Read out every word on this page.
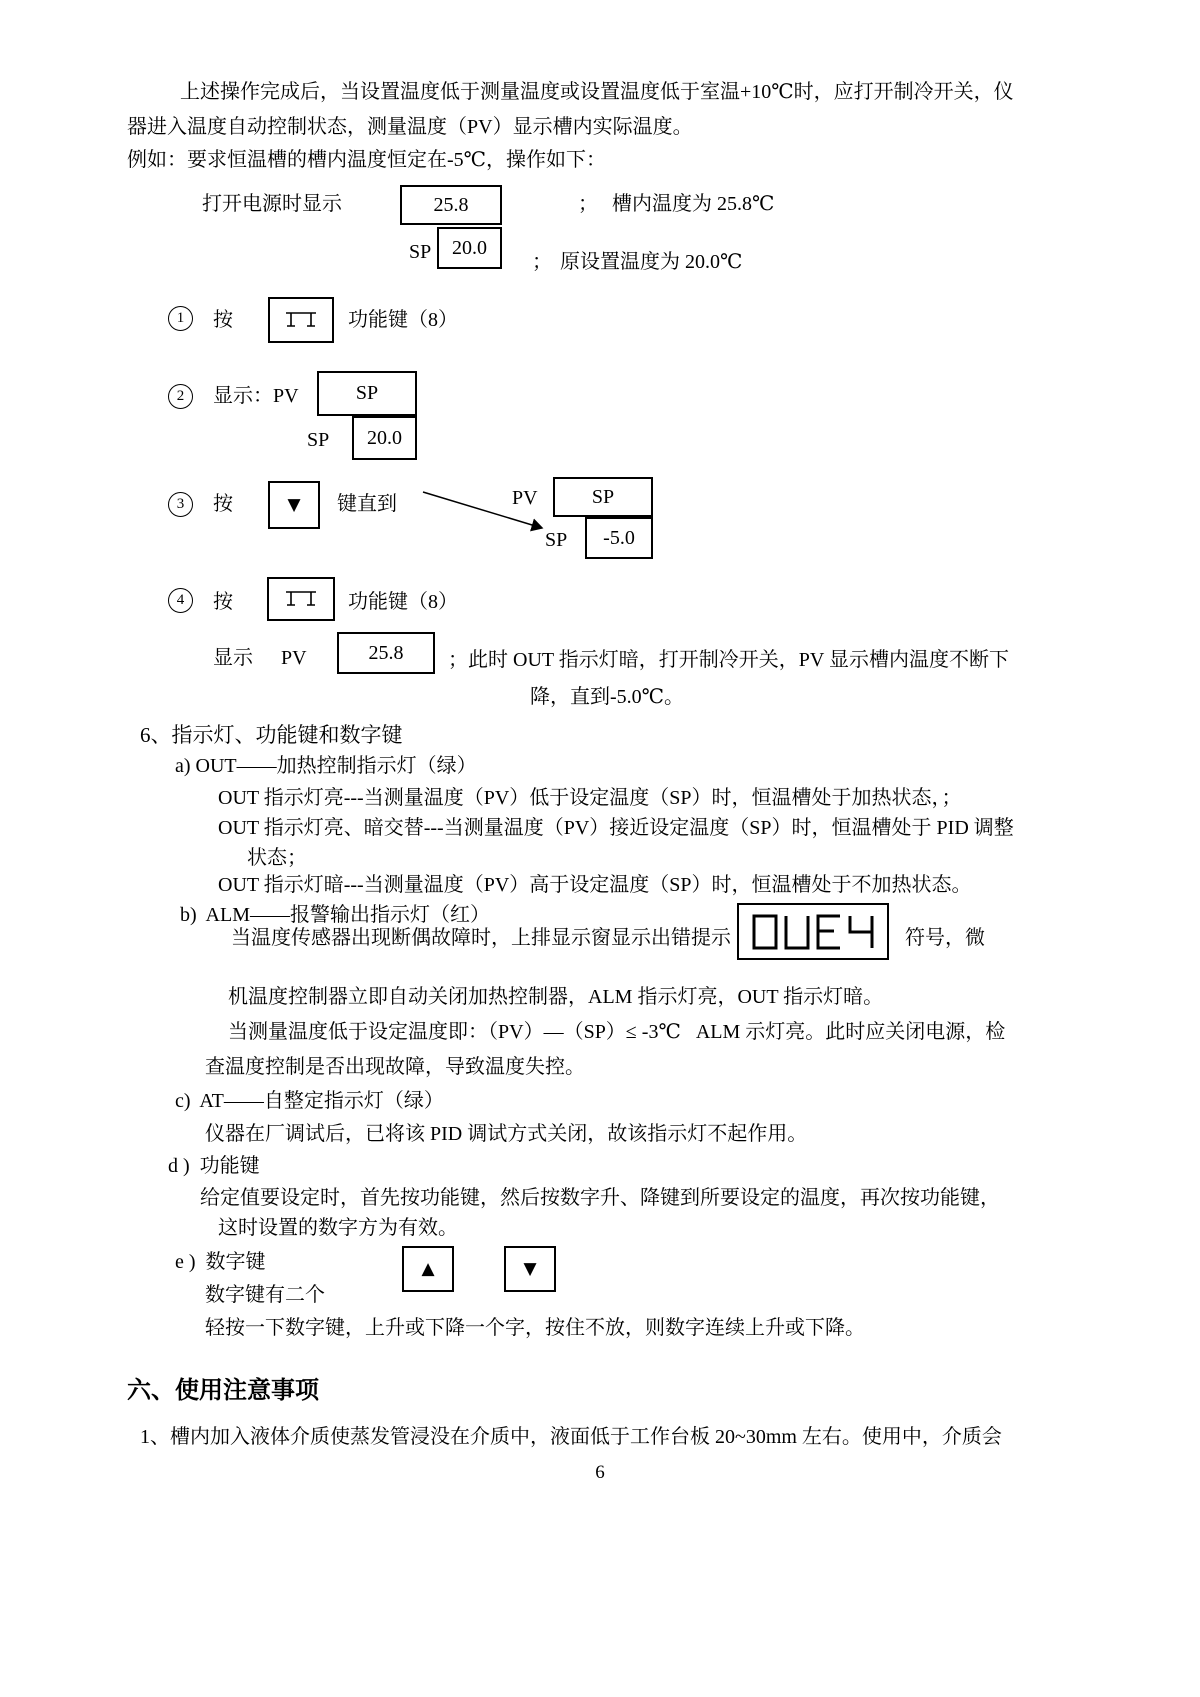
上述操作完成后，当设置温度低于测量温度或设置温度低于室温+10℃时，应打开制冷开关，仪
器进入温度自动控制状态，测量温度（PV）显示槽内实际温度。
例如：要求恒温槽的槽内温度恒定在-5℃，操作如下：
打开电源时显示	25.8	； 槽内温度为 25.8℃
SP 20.0
； 原设置温度为 20.0℃
1	按	功能键（8）
2	显示：PV	SP
SP 20.0
3	按	▼ 键直到	PV	SP
SP -5.0
4	按	功能键（8）
显示 PV	25.8 ；此时 OUT 指示灯暗，打开制冷开关，PV 显示槽内温度不断下
降，直到-5.0℃。
6、指示灯、功能键和数字键
a) OUT——加热控制指示灯（绿）
OUT 指示灯亮---当测量温度（PV）低于设定温度（SP）时，恒温槽处于加热状态，；
OUT 指示灯亮、暗交替---当测量温度（PV）接近设定温度（SP）时，恒温槽处于 PID 调整
状态；
OUT 指示灯暗---当测量温度（PV）高于设定温度（SP）时，恒温槽处于不加热状态。
b)  ALM——报警输出指示灯（红）
当温度传感器出现断偶故障时，上排显示窗显示出错提示	符号，微
机温度控制器立即自动关闭加热控制器，ALM 指示灯亮，OUT 指示灯暗。
当测量温度低于设定温度即：（PV）—（SP）≤ -3℃   ALM 示灯亮。此时应关闭电源，检
查温度控制是否出现故障，导致温度失控。
c)  AT——自整定指示灯（绿）
仪器在厂调试后，已将该 PID 调试方式关闭，故该指示灯不起作用。
d )  功能键
给定值要设定时，首先按功能键，然后按数字升、降键到所要设定的温度，再次按功能键，
这时设置的数字方为有效。
e )  数字键
数字键有二个
▲	▼
轻按一下数字键，上升或下降一个字，按住不放，则数字连续上升或下降。
六、使用注意事项
1、槽内加入液体介质使蒸发管浸没在介质中，液面低于工作台板 20~30mm 左右。使用中，介质会
6
